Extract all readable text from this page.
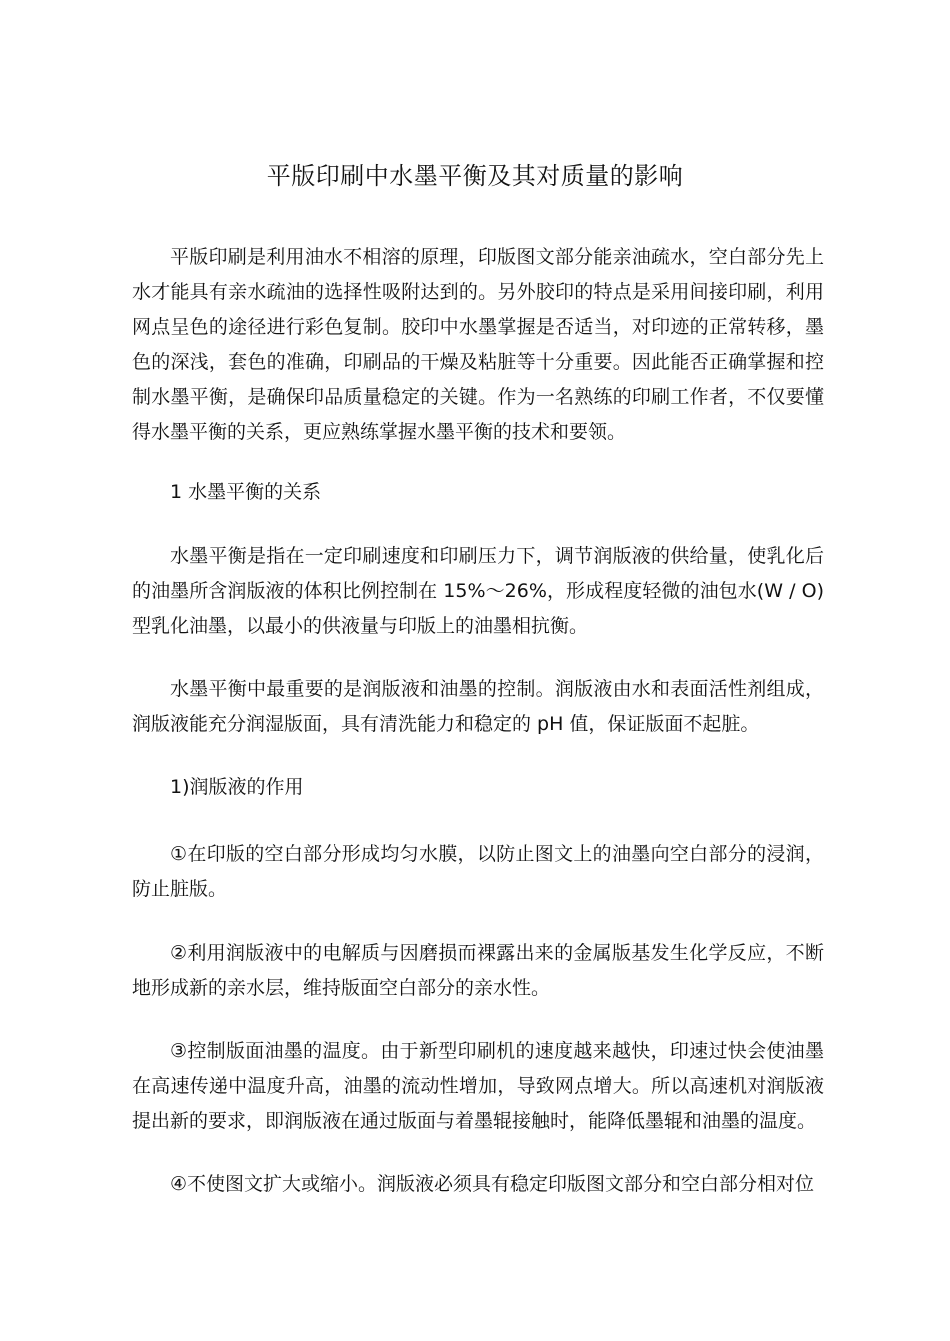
平版印刷中水墨平衡及其对质量的影响

平版印刷是利用油水不相溶的原理，印版图文部分能亲油疏水，空白部分先上水才能具有亲水疏油的选择性吸附达到的。另外胶印的特点是采用间接印刷，利用网点呈色的途径进行彩色复制。胶印中水墨掌握是否适当，对印迹的正常转移，墨色的深浅，套色的准确，印刷品的干燥及粘脏等十分重要。因此能否正确掌握和控制水墨平衡，是确保印品质量稳定的关键。作为一名熟练的印刷工作者，不仅要懂得水墨平衡的关系，更应熟练掌握水墨平衡的技术和要领。

1 水墨平衡的关系

水墨平衡是指在一定印刷速度和印刷压力下，调节润版液的供给量，使乳化后的油墨所含润版液的体积比例控制在 15%～26%，形成程度轻微的油包水(W / O)型乳化油墨，以最小的供液量与印版上的油墨相抗衡。

水墨平衡中最重要的是润版液和油墨的控制。润版液由水和表面活性剂组成，润版液能充分润湿版面，具有清洗能力和稳定的 pH 值，保证版面不起脏。

1)润版液的作用

①在印版的空白部分形成均匀水膜，以防止图文上的油墨向空白部分的浸润，防止脏版。

②利用润版液中的电解质与因磨损而裸露出来的金属版基发生化学反应，不断地形成新的亲水层，维持版面空白部分的亲水性。

③控制版面油墨的温度。由于新型印刷机的速度越来越快，印速过快会使油墨在高速传递中温度升高，油墨的流动性增加，导致网点增大。所以高速机对润版液提出新的要求，即润版液在通过版面与着墨辊接触时，能降低墨辊和油墨的温度。

④不使图文扩大或缩小。润版液必须具有稳定印版图文部分和空白部分相对位
